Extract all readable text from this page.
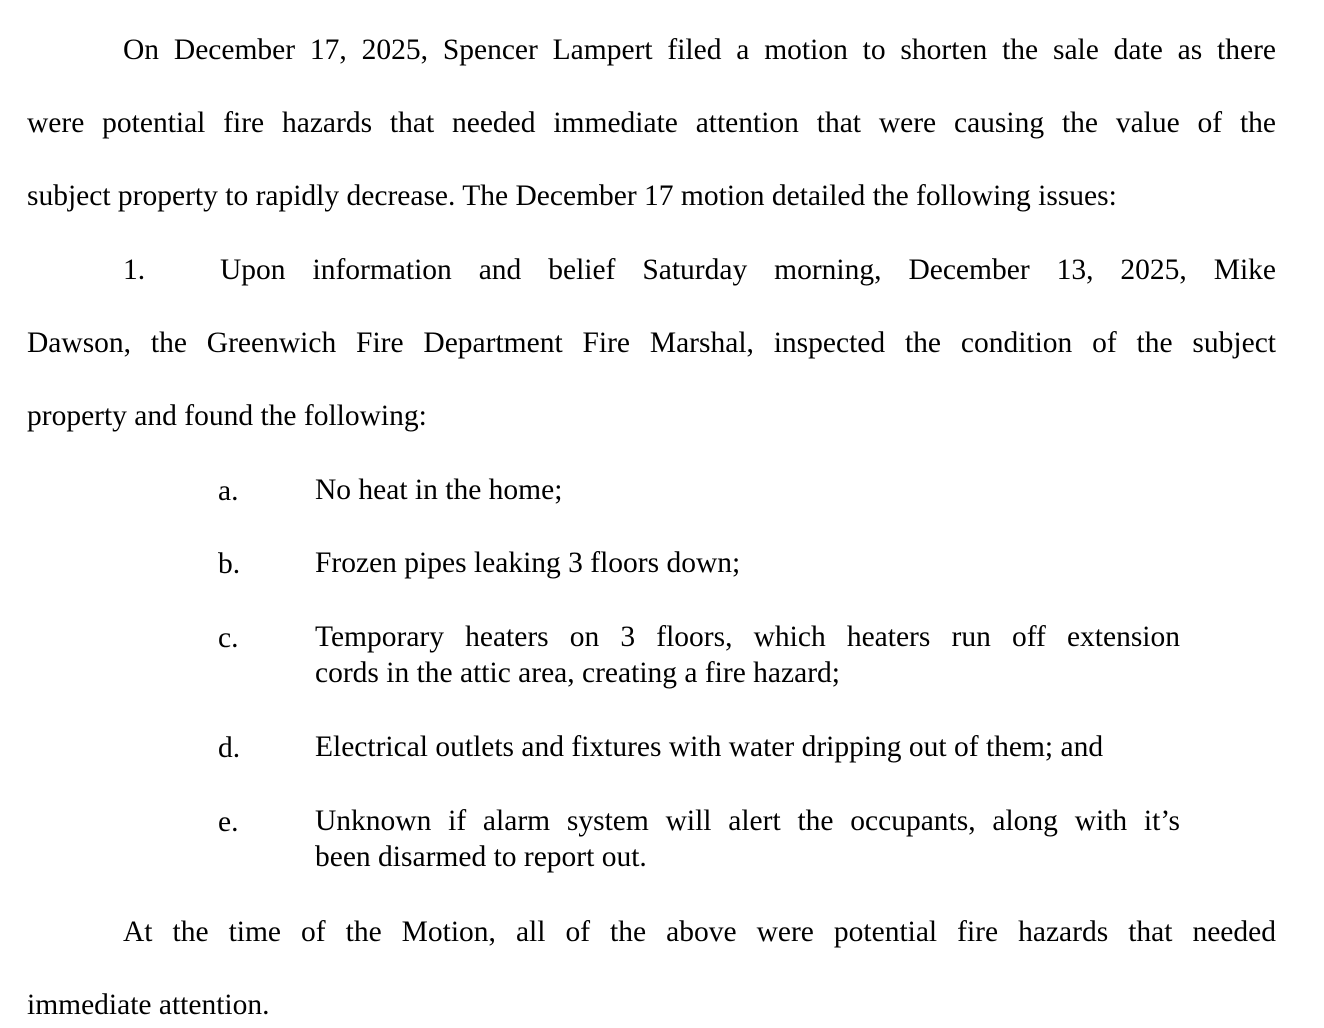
On December 17, 2025, Spencer Lampert filed a motion to shorten the sale date as there
were potential fire hazards that needed immediate attention that were causing the value of the
subject property to rapidly decrease. The December 17 motion detailed the following issues:
1.	Upon information and belief Saturday morning, December 13, 2025, Mike
Dawson, the Greenwich Fire Department Fire Marshal, inspected the condition of the subject
property and found the following:
a.	No heat in the home;
b.	Frozen pipes leaking 3 floors down;
c.	Temporary heaters on 3 floors, which heaters run off extension
cords in the attic area, creating a fire hazard;
d.	Electrical outlets and fixtures with water dripping out of them; and
e.	Unknown if alarm system will alert the occupants, along with it’s
been disarmed to report out.
At the time of the Motion, all of the above were potential fire hazards that needed
immediate attention.
